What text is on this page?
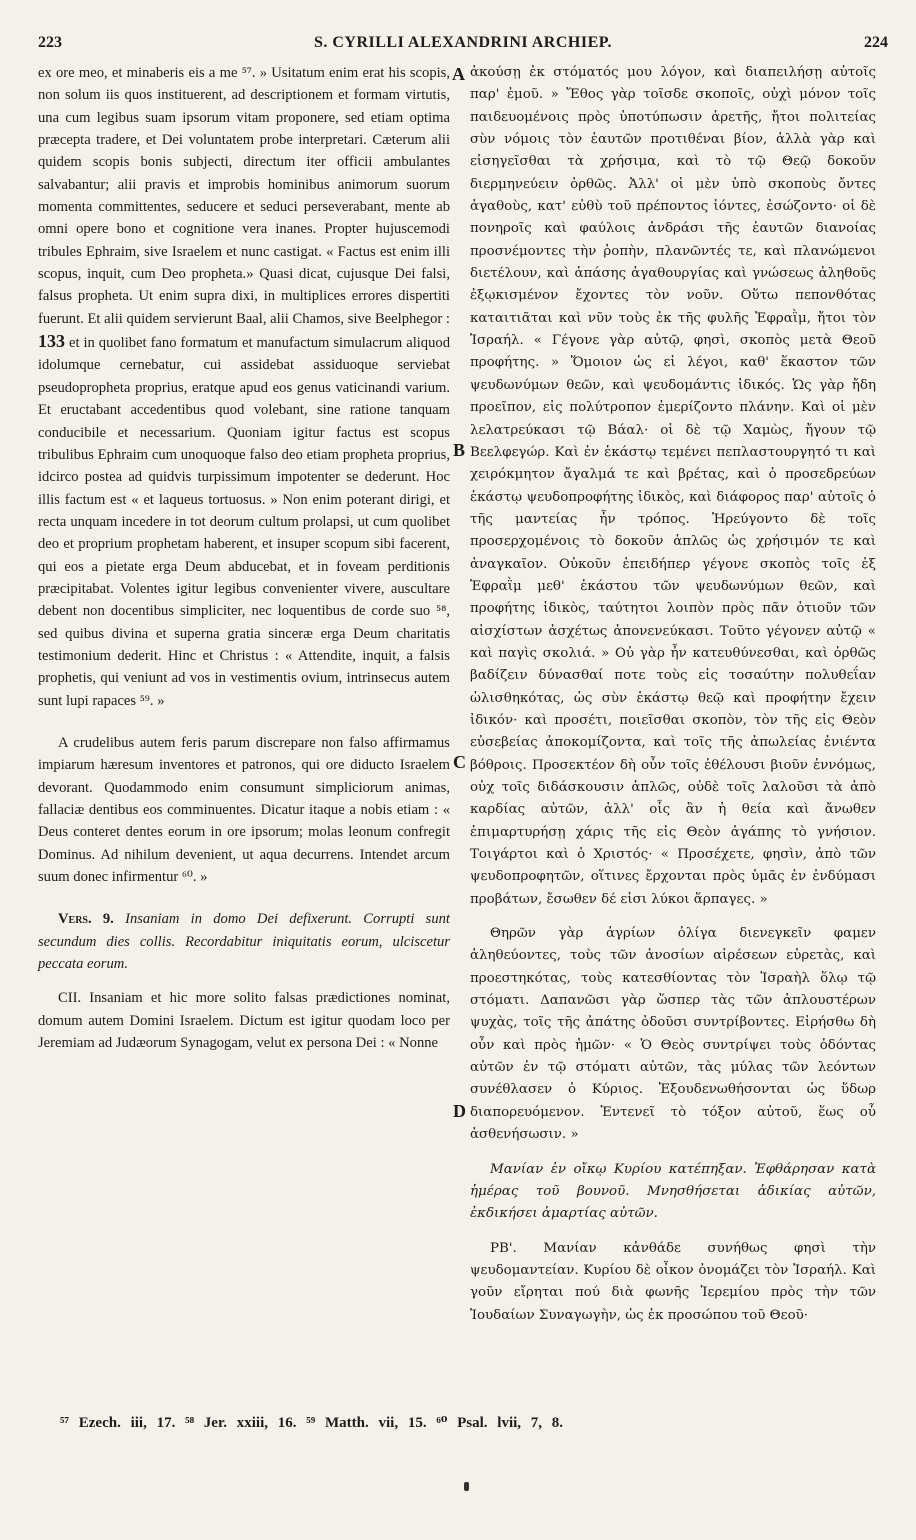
223	S. CYRILLI ALEXANDRINI ARCHIEP.	224
A
B
C
D

ex ore meo, et minaberis eis a me ⁵⁷. » Usitatum enim erat his scopis, non solum iis quos instituerent, ad descriptionem et formam virtutis, una cum legibus suam ipsorum vitam proponere, sed etiam optima præcepta tradere, et Dei voluntatem probe interpretari. Cæterum alii quidem scopis bonis subjecti, directum iter officii ambulantes salvabantur; alii pravis et improbis hominibus animorum suorum momenta committentes, seducere et seduci perseverabant, mente ab omni opere bono et cognitione vera inanes. Propter hujuscemodi tribules Ephraim, sive Israelem et nunc castigat. « Factus est enim illi scopus, inquit, cum Deo propheta.» Quasi dicat, cujusque Dei falsi, falsus propheta. Ut enim supra dixi, in multiplices errores dispertiti fuerunt. Et alii quidem servierunt Baal, alii Chamos, sive Beelphegor : 133 et in quolibet fano formatum et manufactum simulacrum aliquod idolumque cernebatur, cui assidebat assiduoque serviebat pseudopropheta proprius, eratque apud eos genus vaticinandi varium. Et eructabant accedentibus quod volebant, sine ratione tanquam conducibile et necessarium. Quoniam igitur factus est scopus tribulibus Ephraim cum unoquoque falso deo etiam propheta proprius, idcirco postea ad quidvis turpissimum impotenter se dederunt. Hoc illis factum est « et laqueus tortuosus. » Non enim poterant dirigi, et recta unquam incedere in tot deorum cultum prolapsi, ut cum quolibet deo et proprium prophetam haberent, et insuper scopum sibi facerent, qui eos a pietate erga Deum abducebat, et in foveam perditionis præcipitabat. Volentes igitur legibus convenienter vivere, auscultare debent non docentibus simpliciter, nec loquentibus de corde suo ⁵⁸, sed quibus divina et superna gratia sinceræ erga Deum charitatis testimonium dederit. Hinc et Christus : « Attendite, inquit, a falsis prophetis, qui veniunt ad vos in vestimentis ovium, intrinsecus autem sunt lupi rapaces ⁵⁹. »

A crudelibus autem feris parum discrepare non falso affirmamus impiarum hæresum inventores et patronos, qui ore diducto Israelem devorant. Quodammodo enim consumunt simpliciorum animas, fallaciæ dentibus eos comminuentes. Dicatur itaque a nobis etiam : « Deus conteret dentes eorum in ore ipsorum; molas leonum confregit Dominus. Ad nihilum devenient, ut aqua decurrens. Intendet arcum suum donec infirmentur ⁶⁰. »

Vers. 9. Insaniam in domo Dei defixerunt. Corrupti sunt secundum dies collis. Recordabitur iniquitatis eorum, ulciscetur peccata eorum.

CII. Insaniam et hic more solito falsas prædictiones nominat, domum autem Domini Israelem. Dictum est igitur quodam loco per Jeremiam ad Judæorum Synagogam, velut ex persona Dei : « Nonne

ἀκούσῃ ἐκ στόματός μου λόγον, καὶ διαπειλήσῃ αὐτοῖς παρ' ἐμοῦ. » Ἔθος γὰρ τοῖσδε σκοποῖς, οὐχὶ μόνον τοῖς παιδευομένοις πρὸς ὑποτύπωσιν ἀρετῆς, ἤτοι πολιτείας σὺν νόμοις τὸν ἑαυτῶν προτιθέναι βίον, ἀλλὰ γὰρ καὶ εἰσηγεῖσθαι τὰ χρήσιμα, καὶ τὸ τῷ Θεῷ δοκοῦν διερμηνεύειν ὀρθῶς. Ἀλλ' οἱ μὲν ὑπὸ σκοποὺς ὄντες ἀγαθοὺς, κατ' εὐθὺ τοῦ πρέποντος ἰόντες, ἐσώζοντο· οἱ δὲ πονηροῖς καὶ φαύλοις ἀνδράσι τῆς ἑαυτῶν διανοίας προσνέμοντες τὴν ῥοπὴν, πλανῶντές τε, καὶ πλανώμενοι διετέλουν, καὶ ἁπάσης ἀγαθουργίας καὶ γνώσεως ἀληθοῦς ἐξῳκισμένον ἔχοντες τὸν νοῦν. Οὕτω πεπονθότας καταιτιᾶται καὶ νῦν τοὺς ἐκ τῆς φυλῆς Ἐφραῒμ, ἤτοι τὸν Ἰσραήλ. « Γέγονε γὰρ αὐτῷ, φησὶ, σκοπὸς μετὰ Θεοῦ προφήτης. » Ὅμοιον ὡς εἰ λέγοι, καθ' ἕκαστον τῶν ψευδωνύμων θεῶν, καὶ ψευδομάντις ἰδικός. Ὡς γὰρ ἤδη προεῖπον, εἰς πολύτροπον ἐμερίζοντο πλάνην. Καὶ οἱ μὲν λελατρεύκασι τῷ Βάαλ· οἱ δὲ τῷ Χαμὼς, ἤγουν τῷ Βεελφεγώρ. Καὶ ἐν ἑκάστῳ τεμένει πεπλαστουργητό τι καὶ χειρόκμητον ἄγαλμά τε καὶ βρέτας, καὶ ὁ προσεδρεύων ἑκάστῳ ψευδοπροφήτης ἰδικὸς, καὶ διάφορος παρ' αὐτοῖς ὁ τῆς μαντείας ἦν τρόπος. Ἠρεύγοντο δὲ τοῖς προσερχομένοις τὸ δοκοῦν ἁπλῶς ὡς χρήσιμόν τε καὶ ἀναγκαῖον. Οὐκοῦν ἐπειδήπερ γέγονε σκοπὸς τοῖς ἐξ Ἐφραῒμ μεθ' ἑκάστου τῶν ψευδωνύμων θεῶν, καὶ προφήτης ἰδικὸς, ταύτητοι λοιπὸν πρὸς πᾶν ὁτιοῦν τῶν αἰσχίστων ἀσχέτως ἀπονενεύκασι. Τοῦτο γέγονεν αὐτῷ « καὶ παγὶς σκολιά. » Οὐ γὰρ ἦν κατευθύνεσθαι, καὶ ὀρθῶς βαδίζειν δύνασθαί ποτε τοὺς εἰς τοσαύτην πολυθεΐαν ὠλισθηκότας, ὡς σὺν ἑκάστῳ θεῷ καὶ προφήτην ἔχειν ἰδικόν· καὶ προσέτι, ποιεῖσθαι σκοπὸν, τὸν τῆς εἰς Θεὸν εὐσεβείας ἀποκομίζοντα, καὶ τοῖς τῆς ἀπωλείας ἐνιέντα βόθροις. Προσεκτέον δὴ οὖν τοῖς ἐθέλουσι βιοῦν ἐννόμως, οὐχ τοῖς διδάσκουσιν ἁπλῶς, οὐδὲ τοῖς λαλοῦσι τὰ ἀπὸ καρδίας αὐτῶν, ἀλλ' οἷς ἂν ἡ θεία καὶ ἄνωθεν ἐπιμαρτυρήσῃ χάρις τῆς εἰς Θεὸν ἀγάπης τὸ γνήσιον. Τοιγάρτοι καὶ ὁ Χριστός· « Προσέχετε, φησὶν, ἀπὸ τῶν ψευδοπροφητῶν, οἵτινες ἔρχονται πρὸς ὑμᾶς ἐν ἐνδύμασι προβάτων, ἔσωθεν δέ εἰσι λύκοι ἅρπαγες. »

Θηρῶν γὰρ ἀγρίων ὀλίγα διενεγκεῖν φαμεν ἀληθεύοντες, τοὺς τῶν ἀνοσίων αἱρέσεων εὑρετὰς, καὶ προεστηκότας, τοὺς κατεσθίοντας τὸν Ἰσραὴλ ὅλῳ τῷ στόματι. Δαπανῶσι γὰρ ὥσπερ τὰς τῶν ἁπλουστέρων ψυχὰς, τοῖς τῆς ἀπάτης ὀδοῦσι συντρίβοντες. Εἰρήσθω δὴ οὖν καὶ πρὸς ἡμῶν· « Ὁ Θεὸς συντρίψει τοὺς ὀδόντας αὐτῶν ἐν τῷ στόματι αὐτῶν, τὰς μύλας τῶν λεόντων συνέθλασεν ὁ Κύριος. Ἐξουδενωθήσονται ὡς ὕδωρ διαπορευόμενον. Ἐντενεῖ τὸ τόξον αὐτοῦ, ἕως οὗ ἀσθενήσωσιν. »

Μανίαν ἐν οἴκῳ Κυρίου κατέπηξαν. Ἐφθάρησαν κατὰ ἡμέρας τοῦ βουνοῦ. Μνησθήσεται ἀδικίας αὐτῶν, ἐκδικήσει ἁμαρτίας αὐτῶν.

ΡΒ'. Μανίαν κἀνθάδε συνήθως φησὶ τὴν ψευδομαντείαν. Κυρίου δὲ οἶκον ὀνομάζει τὸν Ἰσραήλ. Καὶ γοῦν εἴρηται πού διὰ φωνῆς Ἱερεμίου πρὸς τὴν τῶν Ἰουδαίων Συναγωγὴν, ὡς ἐκ προσώπου τοῦ Θεοῦ·

⁵⁷ Ezech. iii, 17. ⁵⁸ Jer. xxiii, 16. ⁵⁹ Matth. vii, 15. ⁶⁰ Psal. lvii, 7, 8.
